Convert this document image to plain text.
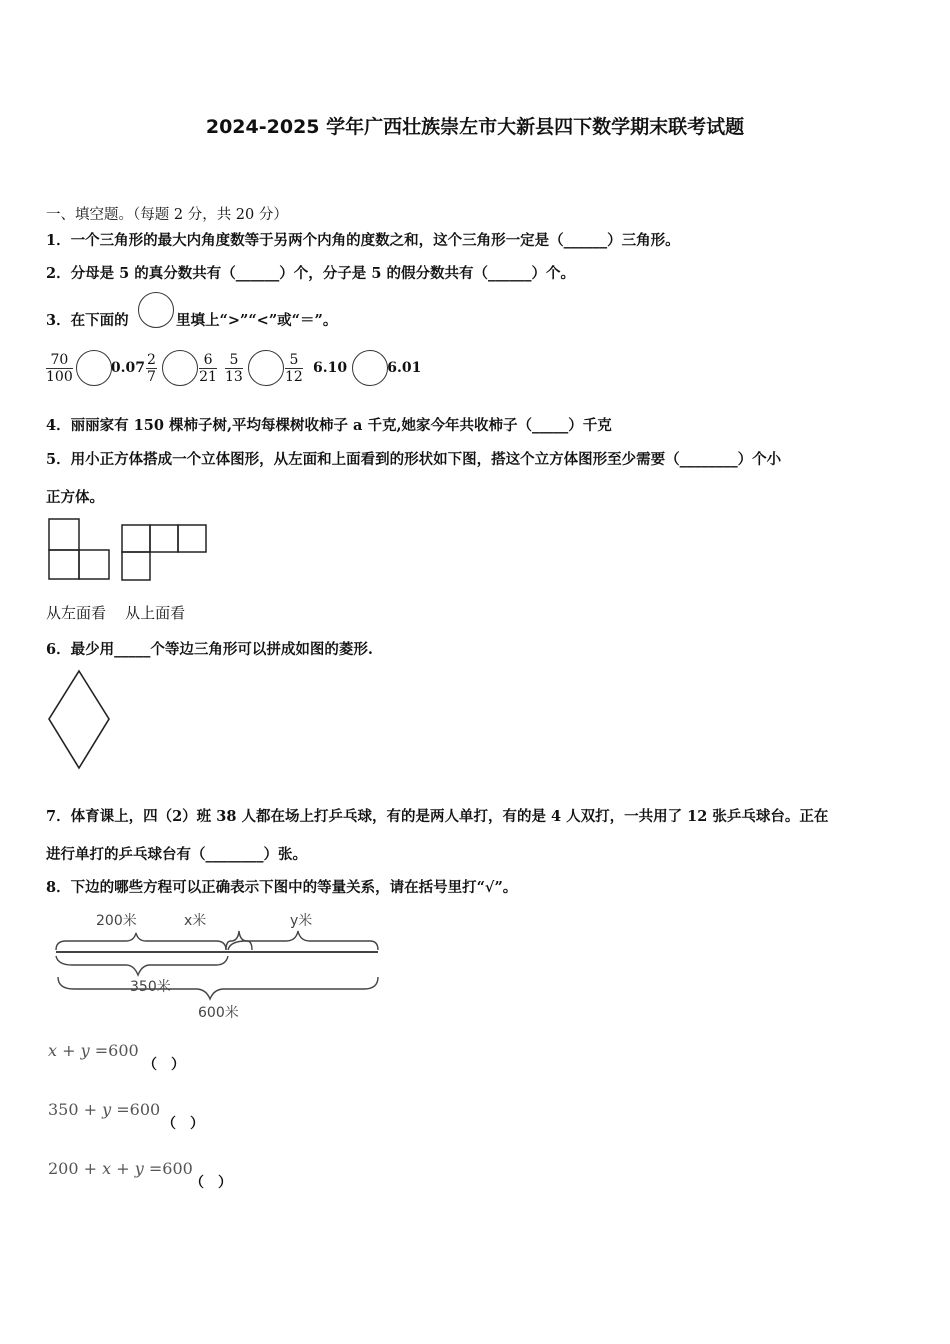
2024-2025 学年广西壮族崇左市大新县四下数学期末联考试题
一、填空题。（每题 2 分，共 20 分）
1．一个三角形的最大内角度数等于另两个内角的度数之和，这个三角形一定是（______）三角形。
2．分母是 5 的真分数共有（______）个，分子是 5 的假分数共有（______）个。
3．在下面的	里填上“>”“<”或“＝”。
$\frac{70}{100}$	$0.07 \frac{2}{7}$
	$\frac{6}{21} \frac{5}{13}$
	$\frac{5}{12} 6.10$	6.01
4．丽丽家有 150 棵柿子树,平均每棵树收柿子 a 千克,她家今年共收柿子（_____）千克
5．用小正方体搭成一个立体图形，从左面和上面看到的形状如下图，搭这个立方体图形至少需要（________）个小
正方体。
从左面看    从上面看
6．最少用_____个等边三角形可以拼成如图的菱形.
7．体育课上，四（2）班 38 人都在场上打乒乓球，有的是两人单打，有的是 4 人双打，一共用了 12 张乒乓球台。正在
进行单打的乒乓球台有（________）张。
8．下边的哪些方程可以正确表示下图中的等量关系，请在括号里打“√”。
200米	x米	y米
350米
600米
x + y =600
（　）
350 + y =600
（　）
200 + x + y =600
（　）
